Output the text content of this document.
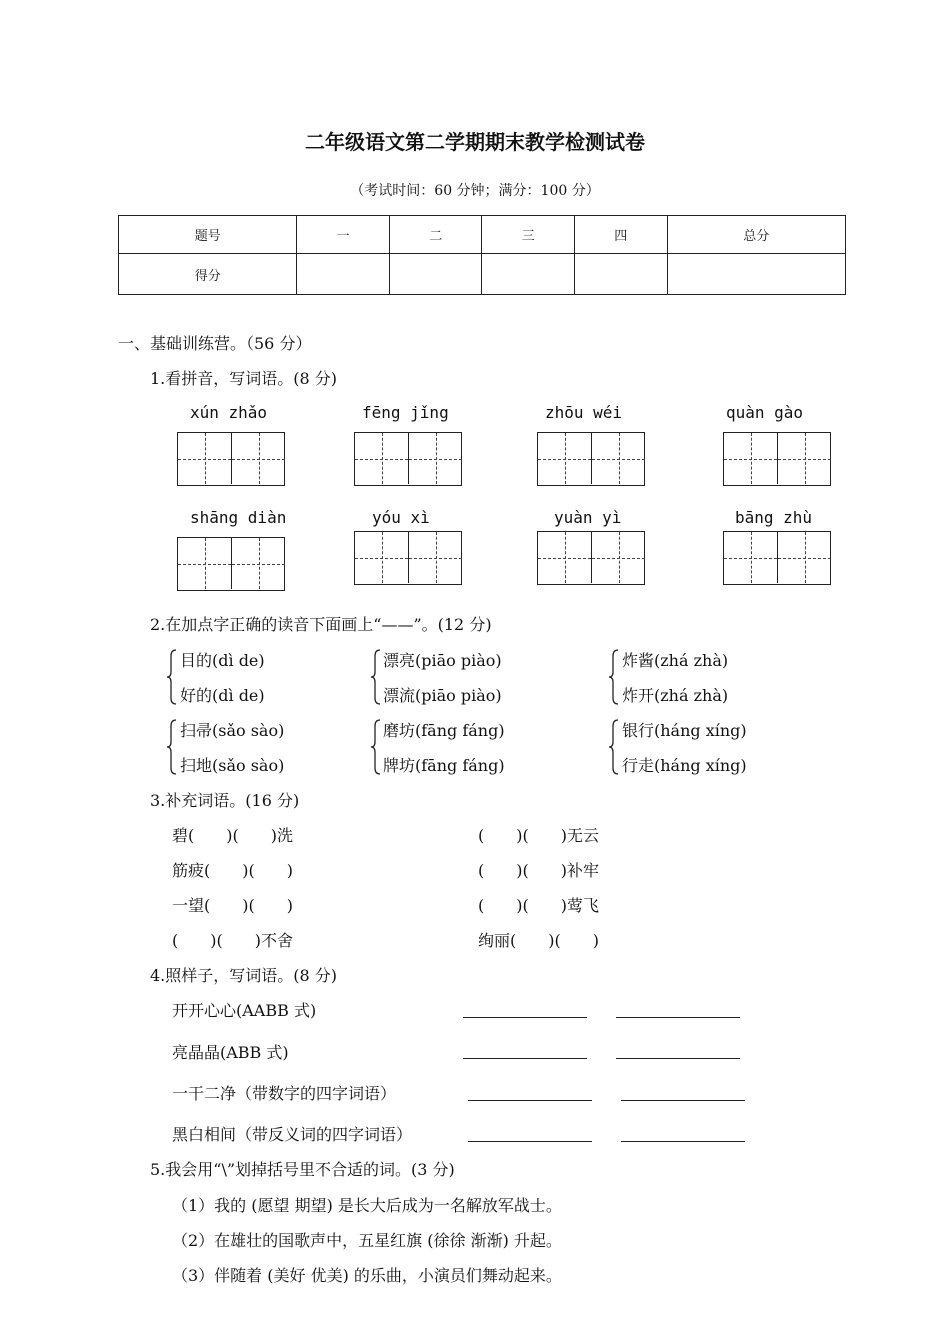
二年级语文第二学期期末教学检测试卷
（考试时间：60 分钟；满分：100 分）
题号	一	二	三	四	总分
得分					
一、基础训练营。（56 分）
1.看拼音，写词语。(8 分)
xún zhǎo	fēng jǐng	zhōu wéi	quàn gào
shāng diàn	yóu xì	yuàn yì	bāng zhù
2.在加点字正确的读音下面画上“——”。(12 分)
目的(dì de)
好的(dì de)
漂亮(piāo piào)
漂流(piāo piào)
炸酱(zhá zhà)
炸开(zhá zhà)
扫帚(sǎo sào)
扫地(sǎo sào)
磨坊(fāng fáng)
牌坊(fāng fáng)
银行(háng xíng)
行走(háng xíng)
3.补充词语。(16 分)
碧(　　)(　　)洗	(　　)(　　)无云
筋疲(　　)(　　)	(　　)(　　)补牢
一望(　　)(　　)	(　　)(　　)莺飞
(　　)(　　)不舍	绚丽(　　)(　　)
4.照样子，写词语。(8 分)
开开心心(AABB 式)
亮晶晶(ABB 式)
一干二净（带数字的四字词语）
黑白相间（带反义词的四字词语）
5.我会用“\”划掉括号里不合适的词。(3 分)
（1）我的 (愿望 期望) 是长大后成为一名解放军战士。
（2）在雄壮的国歌声中，五星红旗 (徐徐 渐渐) 升起。
（3）伴随着 (美好 优美) 的乐曲，小演员们舞动起来。
